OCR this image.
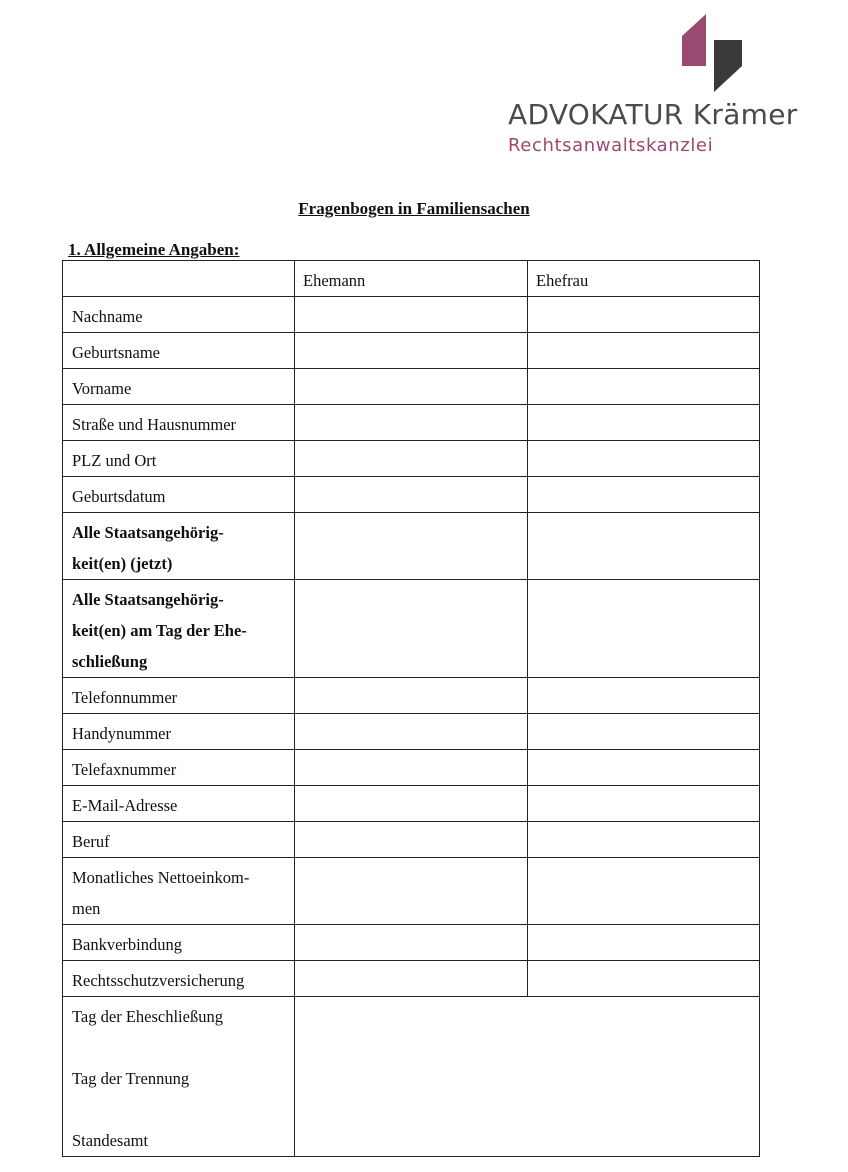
ADVOKATUR Krämer
Rechtsanwaltskanzlei
Fragenbogen in Familiensachen
1. Allgemeine Angaben:
	Ehemann	Ehefrau

Nachname		

Geburtsname		

Vorname		

Straße und Hausnummer		

PLZ und Ort		

Geburtsdatum		

Alle Staatsangehörig-
keit(en) (jetzt)		

Alle Staatsangehörig-
keit(en) am Tag der Ehe-
schließung		

Telefonnummer		

Handynummer		

Telefaxnummer		

E-Mail-Adresse		

Beruf		

Monatliches Nettoeinkom-
men		

Bankverbindung		

Rechtsschutzversicherung		

Tag der Eheschließung
Tag der Trennung
Standesamt		
